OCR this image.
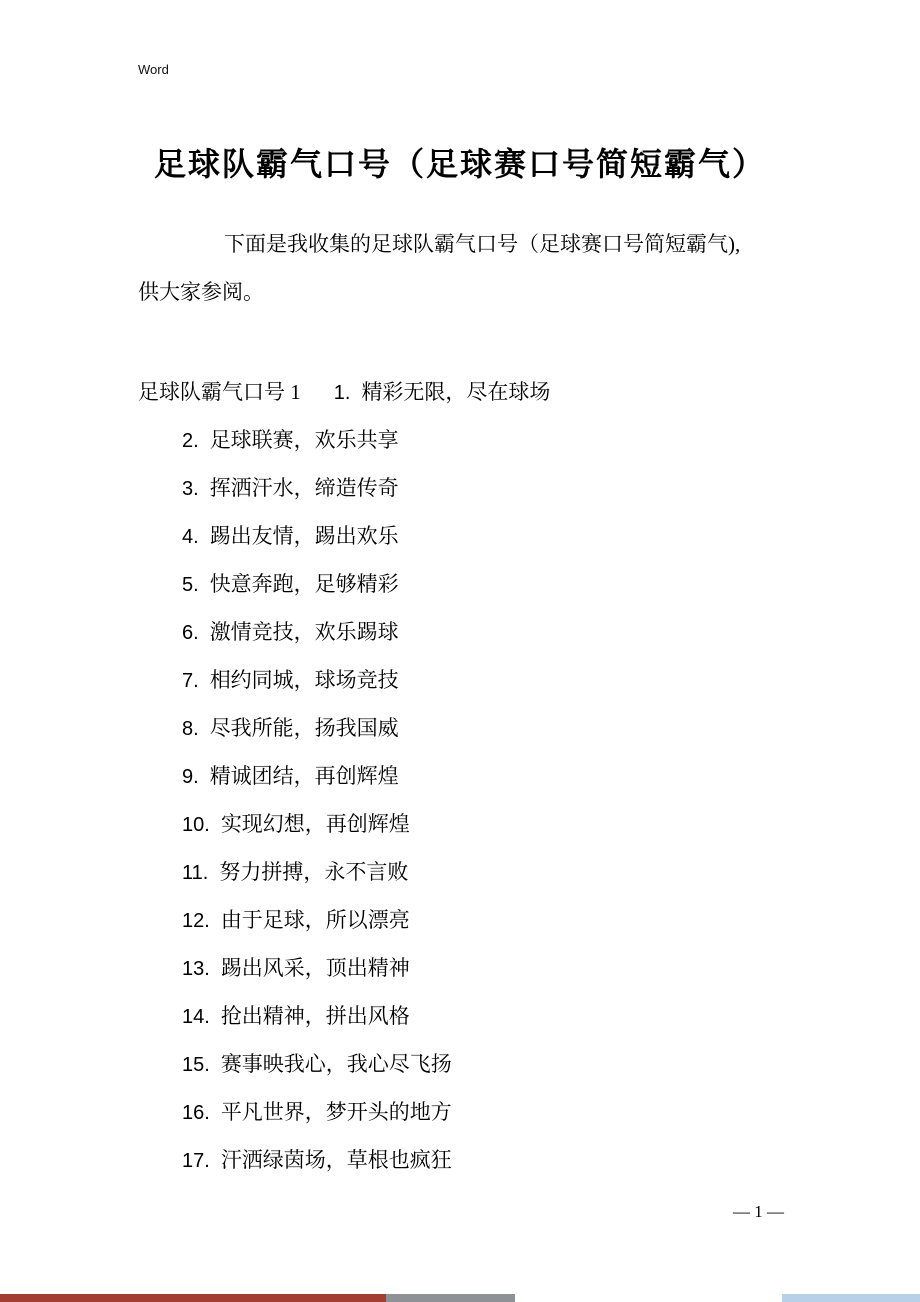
Word
足球队霸气口号（足球赛口号简短霸气）
下面是我收集的足球队霸气口号（足球赛口号简短霸气),
供大家参阅。
足球队霸气口号 1 1. 精彩无限，尽在球场
2. 足球联赛，欢乐共享
3. 挥洒汗水，缔造传奇
4. 踢出友情，踢出欢乐
5. 快意奔跑，足够精彩
6. 激情竞技，欢乐踢球
7. 相约同城，球场竞技
8. 尽我所能，扬我国威
9. 精诚团结，再创辉煌
10. 实现幻想，再创辉煌
11. 努力拼搏，永不言败
12. 由于足球，所以漂亮
13. 踢出风采，顶出精神
14. 抢出精神，拼出风格
15. 赛事映我心，我心尽飞扬
16. 平凡世界，梦开头的地方
17. 汗洒绿茵场，草根也疯狂
— 1 —
